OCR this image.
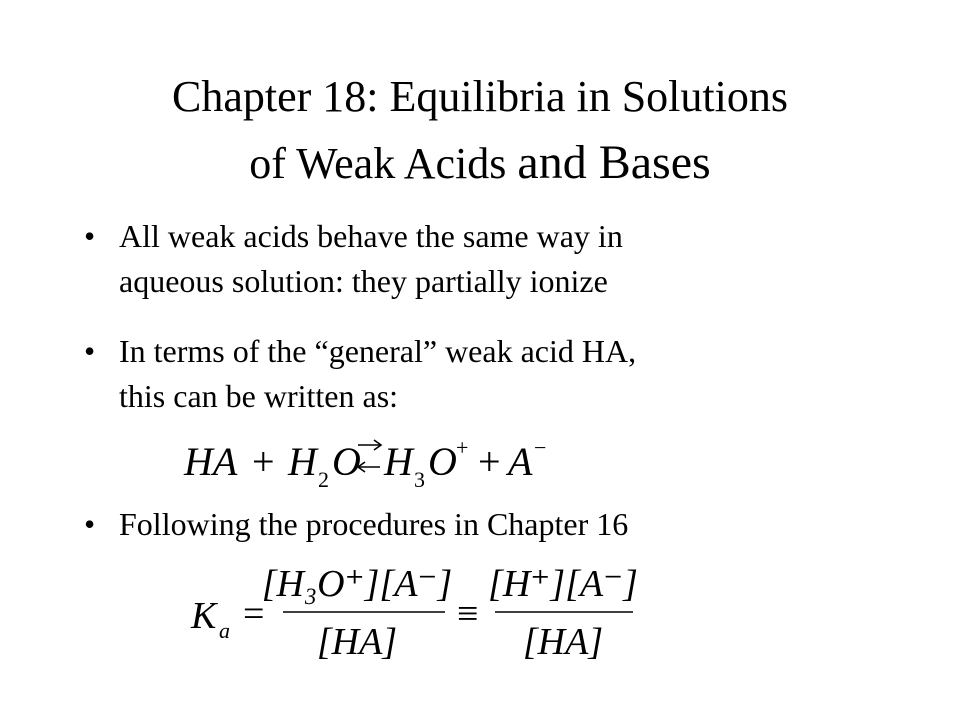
Chapter 18: Equilibria in Solutions
of Weak Acids and Bases
• All weak acids behave the same way in
aqueous solution: they partially ionize
• In terms of the “general” weak acid HA,
this can be written as:
HA + H 2 O H 3 O + + A −
• Following the procedures in Chapter 16
K a =
[H₃O⁺][A⁻]
[HA]
≡
[H⁺][A⁻]
[HA]
